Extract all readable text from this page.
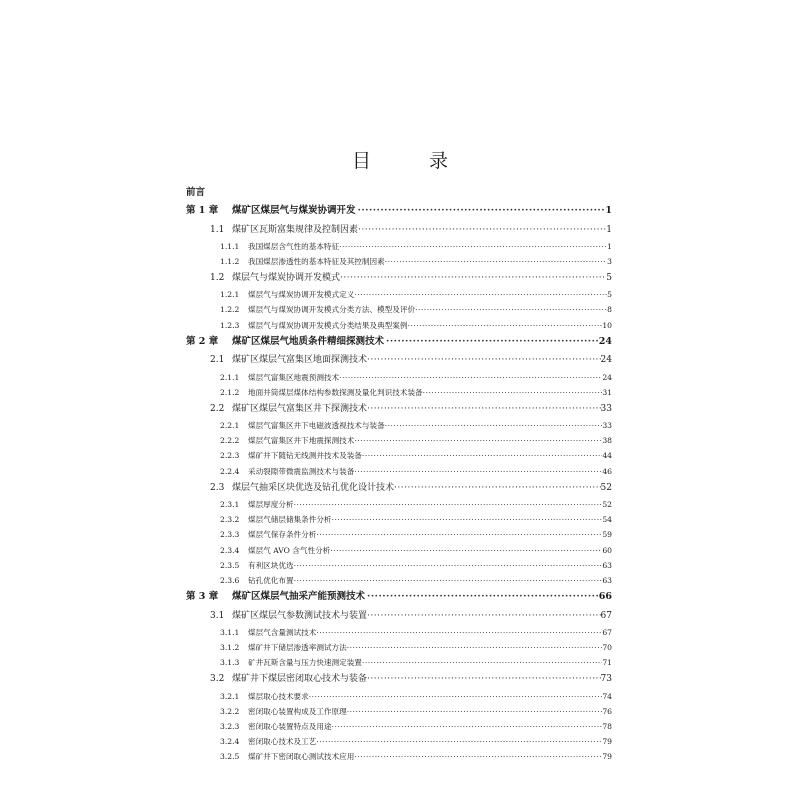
目 录
前言
第 1 章	煤矿区煤层气与煤炭协调开发 ·····	1
1.1 煤矿区瓦斯富集规律及控制因素 ·····	1
1.1.1	我国煤层含气性的基本特征 ·····	1
1.1.2	我国煤层渗透性的基本特征及其控制因素 ·····	3
1.2 煤层气与煤炭协调开发模式 ·····	5
1.2.1	煤层气与煤炭协调开发模式定义 ·····	5
1.2.2	煤层气与煤炭协调开发模式分类方法、模型及评价 ·····	8
1.2.3	煤层气与煤炭协调开发模式分类结果及典型案例 ·····	10
第 2 章	煤矿区煤层气地质条件精细探测技术 ·····	24
2.1 煤矿区煤层气富集区地面探测技术 ·····	24
2.1.1	煤层气富集区地震预测技术 ·····	24
2.1.2	地面井筒煤层煤体结构参数探测及量化判识技术装备 ·····	31
2.2 煤矿区煤层气富集区井下探测技术 ·····	33
2.2.1	煤层气富集区井下电磁波透视技术与装备 ·····	33
2.2.2	煤层气富集区井下地震探测技术 ·····	38
2.2.3	煤矿井下随钻无线测井技术及装备 ·····	44
2.2.4	采动裂隙带微震监测技术与装备 ·····	46
2.3 煤层气抽采区块优选及钻孔优化设计技术 ·····	52
2.3.1	煤层厚度分析 ·····	52
2.3.2	煤层气储层储集条件分析 ·····	54
2.3.3	煤层气保存条件分析 ·····	59
2.3.4	煤层气 AVO 含气性分析 ·····	60
2.3.5	有利区块优选 ·····	63
2.3.6	钻孔优化布置 ·····	63
第 3 章	煤矿区煤层气抽采产能预测技术 ·····	66
3.1 煤矿区煤层气参数测试技术与装置 ·····	67
3.1.1	煤层气含量测试技术 ·····	67
3.1.2	煤矿井下储层渗透率测试方法 ·····	70
3.1.3	矿井瓦斯含量与压力快速测定装置 ·····	71
3.2 煤矿井下煤层密闭取心技术与装备 ·····	73
3.2.1	煤层取心技术要求 ·····	74
3.2.2	密闭取心装置构成及工作原理 ·····	76
3.2.3	密闭取心装置特点及用途 ·····	78
3.2.4	密闭取心技术及工艺 ·····	79
3.2.5	煤矿井下密闭取心测试技术应用 ·····	79
